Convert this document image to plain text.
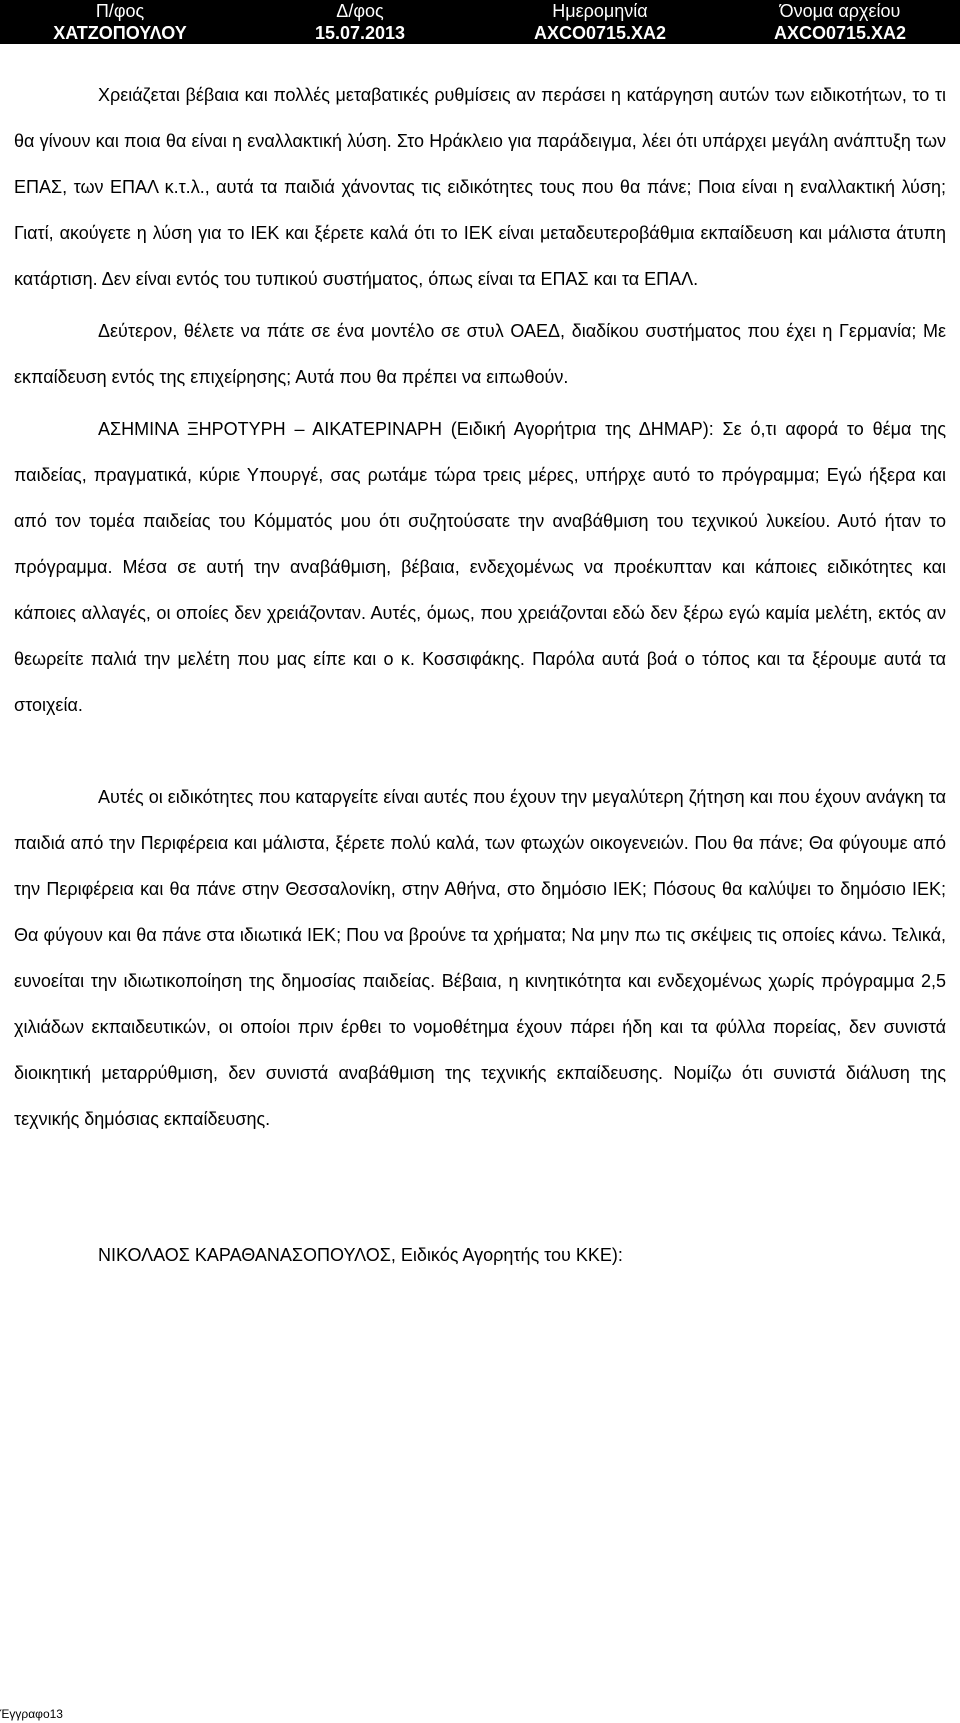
Π/φος
ΧΑΤΖΟΠΟΥΛΟΥ
Δ/φος
15.07.2013
Ημερομηνία
ΑΧCO0715.ΧΑ2
Όνομα αρχείου
ΑΧCO0715.ΧΑ2

Χρειάζεται βέβαια και πολλές μεταβατικές ρυθμίσεις αν περάσει η κατάργηση αυτών των ειδικοτήτων, το τι θα γίνουν και ποια θα είναι η εναλλακτική λύση. Στο Ηράκλειο για παράδειγμα, λέει ότι υπάρχει μεγάλη ανάπτυξη των ΕΠΑΣ, των ΕΠΑΛ κ.τ.λ., αυτά τα παιδιά χάνοντας τις ειδικότητες τους που θα πάνε; Ποια είναι η εναλλακτική λύση; Γιατί, ακούγετε η λύση για το ΙΕΚ και ξέρετε καλά ότι το ΙΕΚ είναι μεταδευτεροβάθμια εκπαίδευση και μάλιστα άτυπη κατάρτιση. Δεν είναι εντός του τυπικού συστήματος, όπως είναι τα ΕΠΑΣ και τα ΕΠΑΛ.

Δεύτερον, θέλετε να πάτε σε ένα μοντέλο σε στυλ ΟΑΕΔ, διαδίκου συστήματος που έχει η Γερμανία; Με εκπαίδευση εντός της επιχείρησης; Αυτά που θα πρέπει να ειπωθούν.

ΑΣΗΜΙΝΑ ΞΗΡΟΤΥΡΗ – ΑΙΚΑΤΕΡΙΝΑΡΗ (Ειδική Αγορήτρια της ΔΗΜΑΡ): Σε ό,τι αφορά το θέμα της παιδείας, πραγματικά, κύριε Υπουργέ, σας ρωτάμε τώρα τρεις μέρες, υπήρχε αυτό το πρόγραμμα; Εγώ ήξερα και από τον τομέα παιδείας του Κόμματός μου ότι συζητούσατε την αναβάθμιση του τεχνικού λυκείου. Αυτό ήταν το πρόγραμμα. Μέσα σε αυτή την αναβάθμιση, βέβαια, ενδεχομένως να προέκυπταν και κάποιες ειδικότητες και κάποιες αλλαγές, οι οποίες δεν χρειάζονταν. Αυτές, όμως, που χρειάζονται εδώ δεν ξέρω εγώ καμία μελέτη, εκτός αν θεωρείτε παλιά την μελέτη που μας είπε και ο κ. Κοσσιφάκης. Παρόλα αυτά βοά ο τόπος και τα ξέρουμε αυτά τα στοιχεία.

Αυτές οι ειδικότητες που καταργείτε είναι αυτές που έχουν την μεγαλύτερη ζήτηση και που έχουν ανάγκη τα παιδιά από την Περιφέρεια και μάλιστα, ξέρετε πολύ καλά, των φτωχών οικογενειών. Που θα πάνε; Θα φύγουμε από την Περιφέρεια και θα πάνε στην Θεσσαλονίκη, στην Αθήνα, στο δημόσιο ΙΕΚ; Πόσους θα καλύψει το δημόσιο ΙΕΚ; Θα φύγουν και θα πάνε στα ιδιωτικά ΙΕΚ; Που να βρούνε τα χρήματα; Να μην πω τις σκέψεις τις οποίες κάνω. Τελικά, ευνοείται την ιδιωτικοποίηση της δημοσίας παιδείας. Βέβαια, η κινητικότητα και ενδεχομένως χωρίς πρόγραμμα 2,5 χιλιάδων εκπαιδευτικών, οι οποίοι πριν έρθει το νομοθέτημα έχουν πάρει ήδη και τα φύλλα πορείας, δεν συνιστά διοικητική μεταρρύθμιση, δεν συνιστά αναβάθμιση της τεχνικής εκπαίδευσης. Νομίζω ότι συνιστά διάλυση της τεχνικής δημόσιας εκπαίδευσης.

ΝΙΚΟΛΑΟΣ ΚΑΡΑΘΑΝΑΣΟΠΟΥΛΟΣ, Ειδικός Αγορητής του ΚΚΕ):

Έγγραφο13
